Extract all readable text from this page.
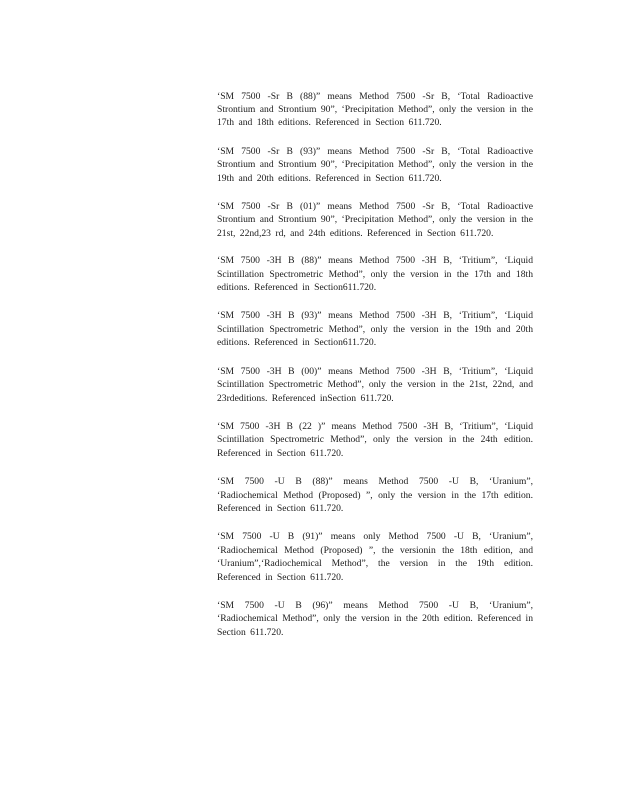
‘SM 7500 -Sr B (88)” means Method 7500 -Sr B, ‘Total Radioactive Strontium and Strontium 90”, ‘Precipitation Method”, only the version in the 17th and 18th editions. Referenced in Section 611.720.

‘SM 7500 -Sr B (93)” means Method 7500 -Sr B, ‘Total Radioactive Strontium and Strontium 90”, ‘Precipitation Method”, only the version in the 19th and 20th editions. Referenced in Section 611.720.

‘SM 7500 -Sr B (01)” means Method 7500 -Sr B, ‘Total Radioactive Strontium and Strontium 90”, ‘Precipitation Method”, only the version in the 21st, 22nd,23 rd, and 24th editions. Referenced in Section 611.720.

‘SM 7500 -3H B (88)” means Method 7500 -3H B, ‘Tritium”, ‘Liquid Scintillation Spectrometric Method”, only the version in the 17th and 18th editions. Referenced in Section611.720.

‘SM 7500 -3H B (93)” means Method 7500 -3H B, ‘Tritium”, ‘Liquid Scintillation Spectrometric Method”, only the version in the 19th and 20th editions. Referenced in Section611.720.

‘SM 7500 -3H B (00)” means Method 7500 -3H B, ‘Tritium”, ‘Liquid Scintillation Spectrometric Method”, only the version in the 21st, 22nd, and 23rdeditions. Referenced inSection 611.720.

‘SM 7500 -3H B (22 )” means Method 7500 -3H B, ‘Tritium”, ‘Liquid Scintillation Spectrometric Method”, only the version in the 24th edition. Referenced in Section 611.720.

‘SM 7500 -U B (88)” means Method 7500 -U B, ‘Uranium”, ‘Radiochemical Method (Proposed) ”, only the version in the 17th edition. Referenced in Section 611.720.

‘SM 7500 -U B (91)” means only Method 7500 -U B, ‘Uranium”, ‘Radiochemical Method (Proposed) ”, the versionin the 18th edition, and ‘Uranium”,‘Radiochemical Method”, the version in the 19th edition. Referenced in Section 611.720.

‘SM 7500 -U B (96)” means Method 7500 -U B, ‘Uranium”, ‘Radiochemical Method”, only the version in the 20th edition. Referenced in Section 611.720.
